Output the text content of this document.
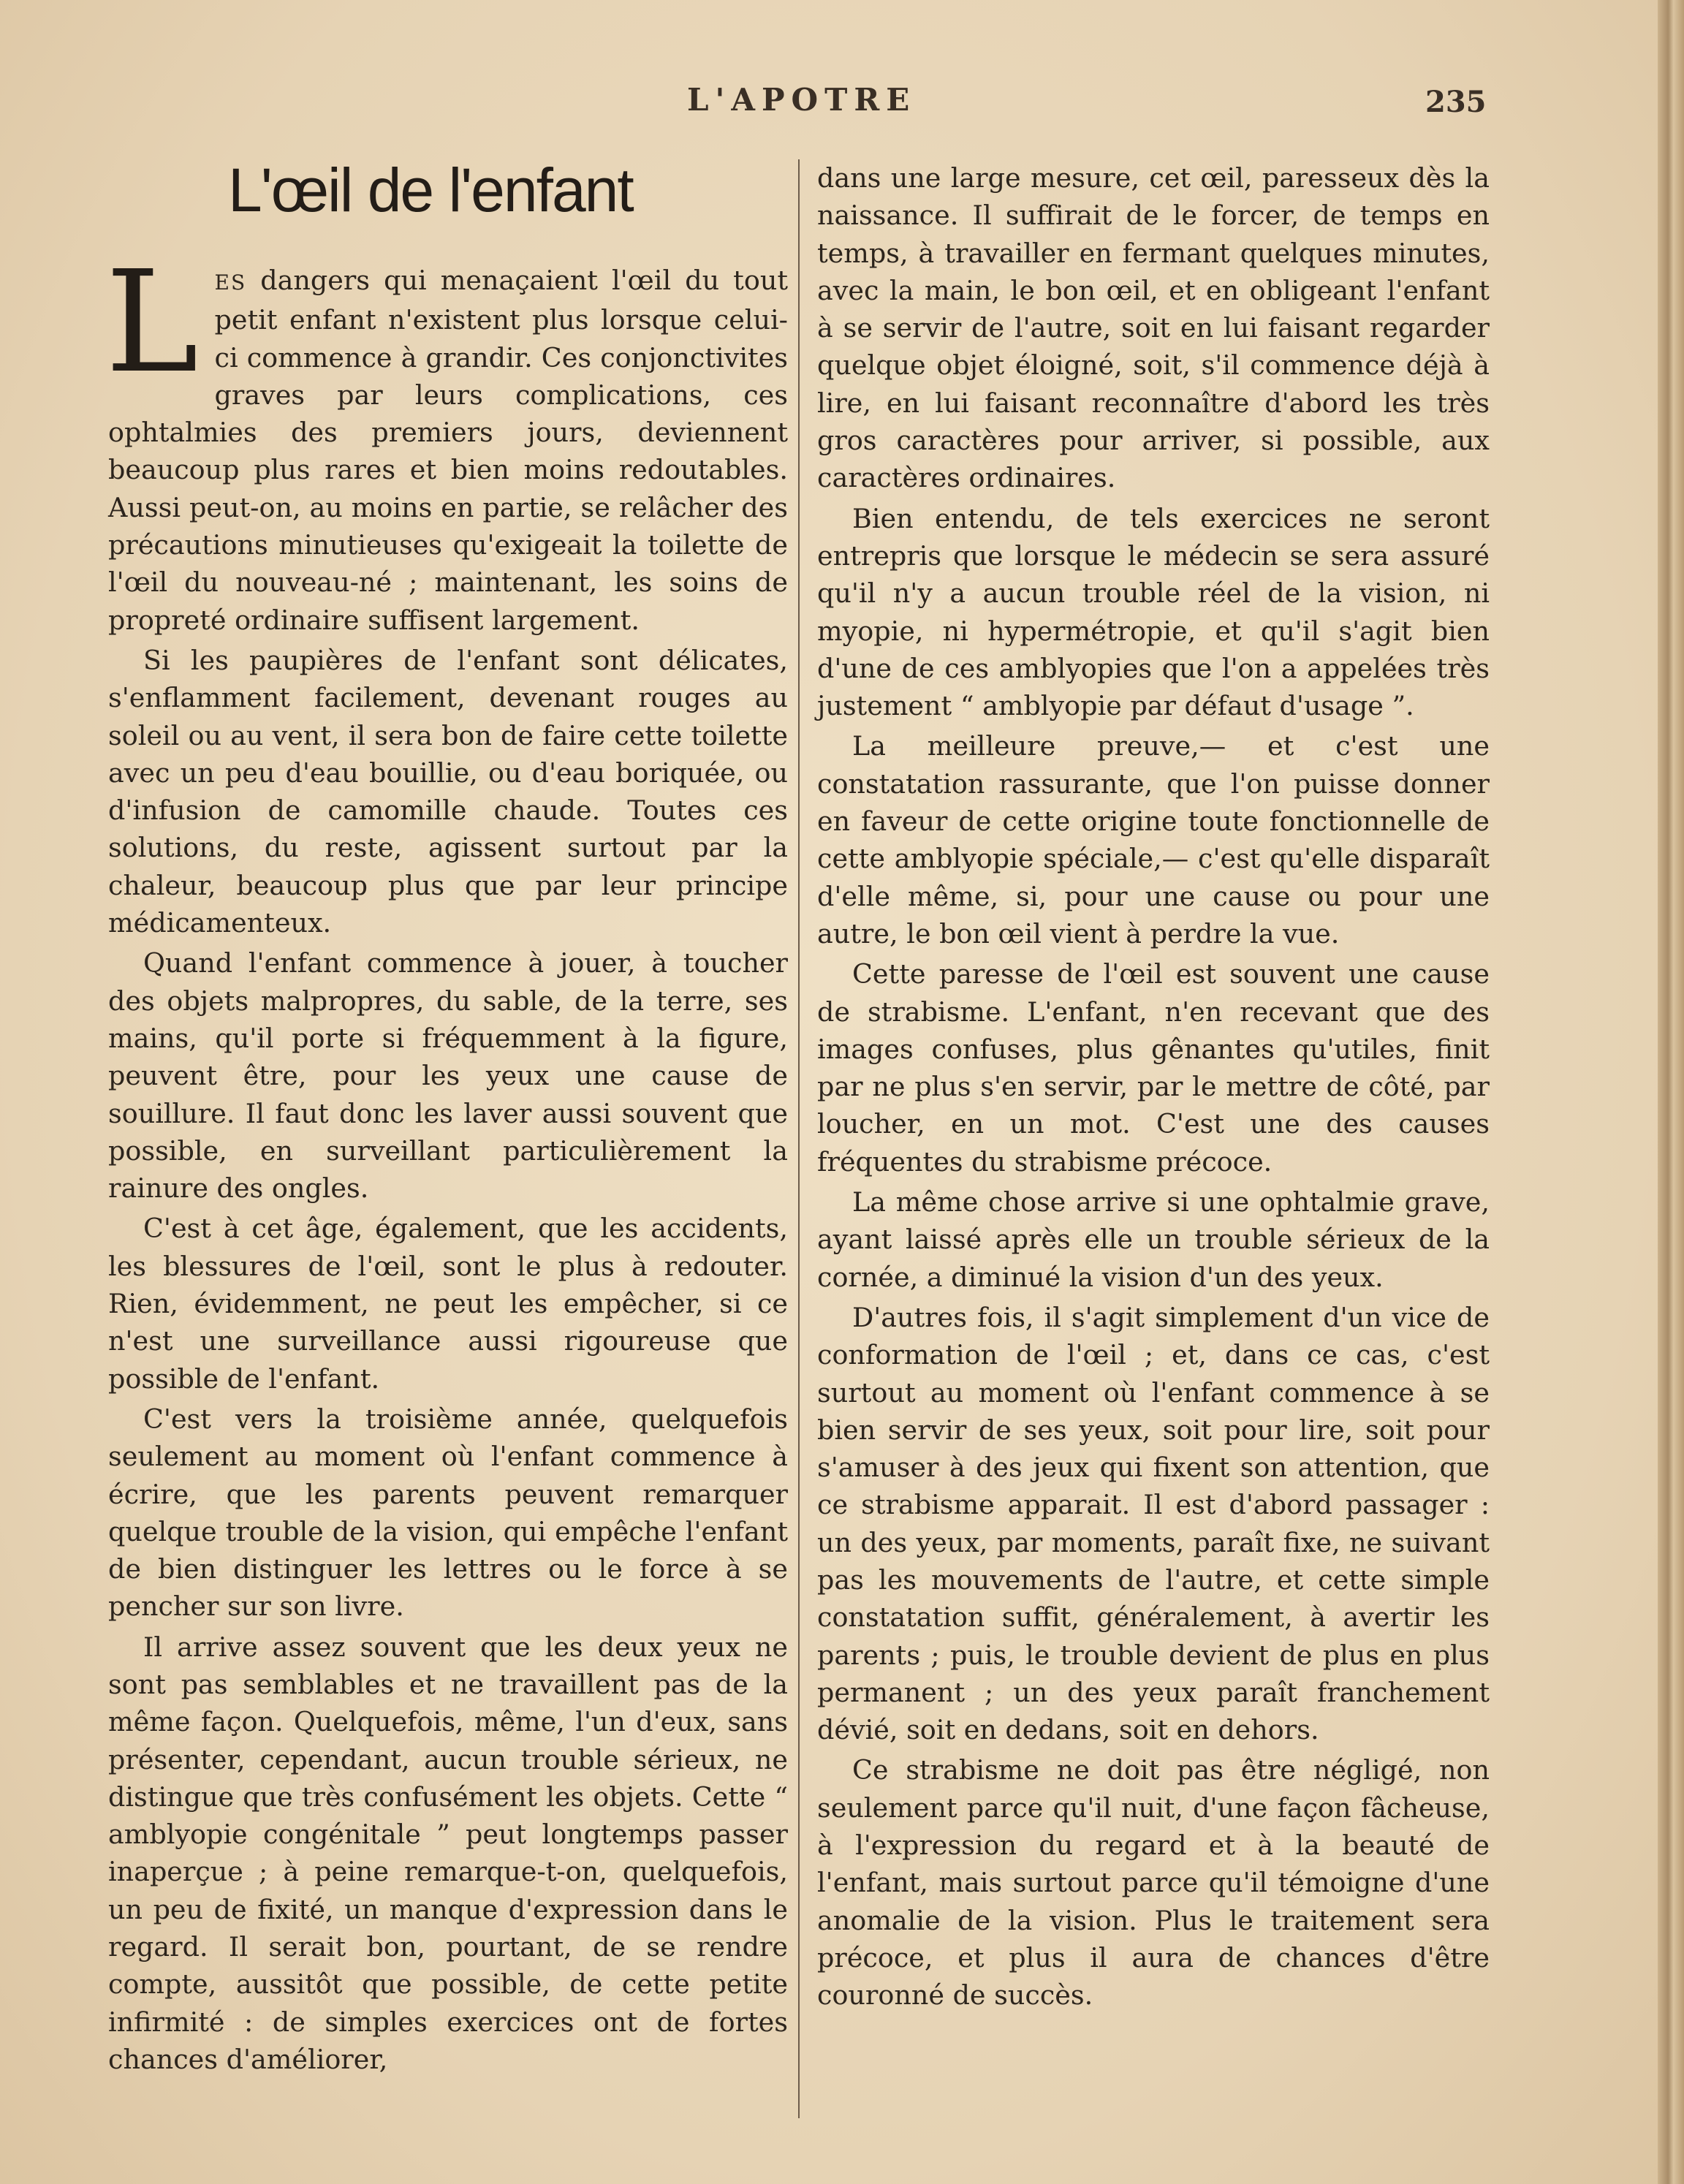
L'APOTRE	235
L'œil de l'enfant

LES dangers qui menaçaient l'œil du tout petit enfant n'existent plus lorsque celui-ci commence à grandir. Ces conjonctivites graves par leurs complications, ces ophtalmies des premiers jours, deviennent beaucoup plus rares et bien moins redoutables. Aussi peut-on, au moins en partie, se relâcher des précautions minutieuses qu'exigeait la toilette de l'œil du nouveau-né ; maintenant, les soins de propreté ordinaire suffisent largement.

Si les paupières de l'enfant sont délicates, s'enflamment facilement, devenant rouges au soleil ou au vent, il sera bon de faire cette toilette avec un peu d'eau bouillie, ou d'eau boriquée, ou d'infusion de camomille chaude. Toutes ces solutions, du reste, agissent surtout par la chaleur, beaucoup plus que par leur principe médicamenteux.

Quand l'enfant commence à jouer, à toucher des objets malpropres, du sable, de la terre, ses mains, qu'il porte si fréquemment à la figure, peuvent être, pour les yeux une cause de souillure. Il faut donc les laver aussi souvent que possible, en surveillant particulièrement la rainure des ongles.

C'est à cet âge, également, que les accidents, les blessures de l'œil, sont le plus à redouter. Rien, évidemment, ne peut les empêcher, si ce n'est une surveillance aussi rigoureuse que possible de l'enfant.

C'est vers la troisième année, quelquefois seulement au moment où l'enfant commence à écrire, que les parents peuvent remarquer quelque trouble de la vision, qui empêche l'enfant de bien distinguer les lettres ou le force à se pencher sur son livre.

Il arrive assez souvent que les deux yeux ne sont pas semblables et ne travaillent pas de la même façon. Quelquefois, même, l'un d'eux, sans présenter, cependant, aucun trouble sérieux, ne distingue que très confusément les objets. Cette “ amblyopie congénitale ” peut longtemps passer inaperçue ; à peine remarque-t-on, quelquefois, un peu de fixité, un manque d'expression dans le regard. Il serait bon, pourtant, de se rendre compte, aussitôt que possible, de cette petite infirmité : de simples exercices ont de fortes chances d'améliorer,

dans une large mesure, cet œil, paresseux dès la naissance. Il suffirait de le forcer, de temps en temps, à travailler en fermant quelques minutes, avec la main, le bon œil, et en obligeant l'enfant à se servir de l'autre, soit en lui faisant regarder quelque objet éloigné, soit, s'il commence déjà à lire, en lui faisant reconnaître d'abord les très gros caractères pour arriver, si possible, aux caractères ordinaires.

Bien entendu, de tels exercices ne seront entrepris que lorsque le médecin se sera assuré qu'il n'y a aucun trouble réel de la vision, ni myopie, ni hypermétropie, et qu'il s'agit bien d'une de ces amblyopies que l'on a appelées très justement “ amblyopie par défaut d'usage ”.

La meilleure preuve,— et c'est une constatation rassurante, que l'on puisse donner en faveur de cette origine toute fonctionnelle de cette amblyopie spéciale,— c'est qu'elle disparaît d'elle même, si, pour une cause ou pour une autre, le bon œil vient à perdre la vue.

Cette paresse de l'œil est souvent une cause de strabisme. L'enfant, n'en recevant que des images confuses, plus gênantes qu'utiles, finit par ne plus s'en servir, par le mettre de côté, par loucher, en un mot. C'est une des causes fréquentes du strabisme précoce.

La même chose arrive si une ophtalmie grave, ayant laissé après elle un trouble sérieux de la cornée, a diminué la vision d'un des yeux.

D'autres fois, il s'agit simplement d'un vice de conformation de l'œil ; et, dans ce cas, c'est surtout au moment où l'enfant commence à se bien servir de ses yeux, soit pour lire, soit pour s'amuser à des jeux qui fixent son attention, que ce strabisme apparait. Il est d'abord passager : un des yeux, par moments, paraît fixe, ne suivant pas les mouvements de l'autre, et cette simple constatation suffit, généralement, à avertir les parents ; puis, le trouble devient de plus en plus permanent ; un des yeux paraît franchement dévié, soit en dedans, soit en dehors.

Ce strabisme ne doit pas être négligé, non seulement parce qu'il nuit, d'une façon fâcheuse, à l'expression du regard et à la beauté de l'enfant, mais surtout parce qu'il témoigne d'une anomalie de la vision. Plus le traitement sera précoce, et plus il aura de chances d'être couronné de succès.
